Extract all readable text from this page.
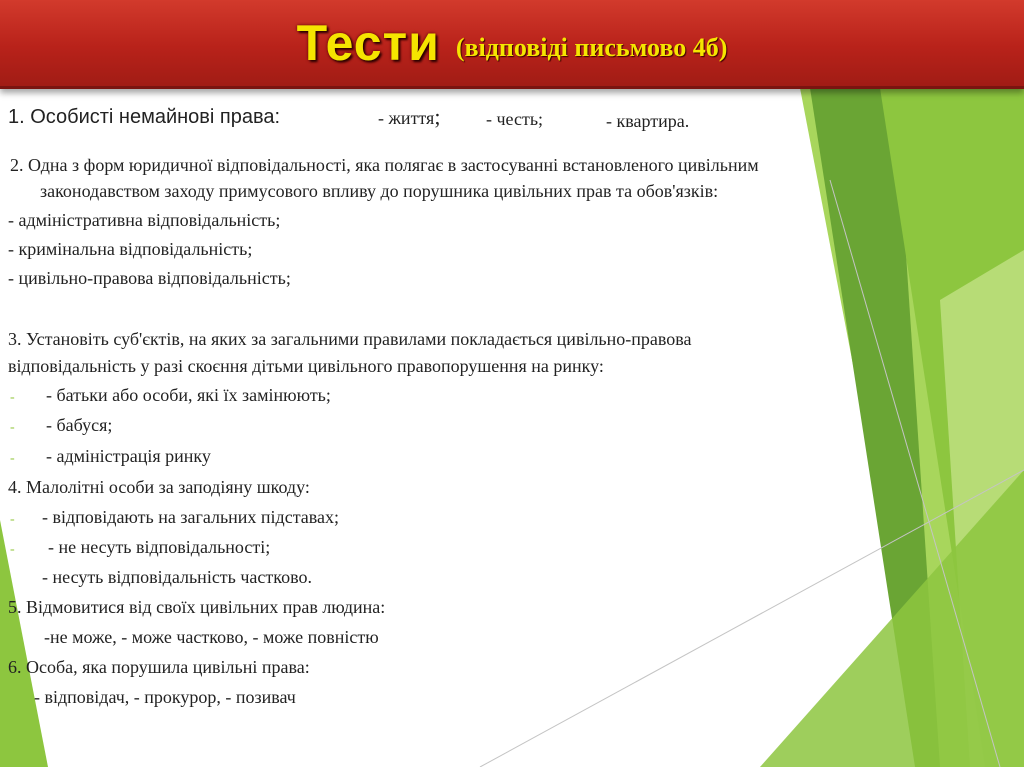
Тести (відповіді письмово 4б)
1. Особисті немайнові права:	- життя;	- честь;	- квартира.
2. Одна з форм юридичної відповідальності, яка полягає в застосуванні встановленого цивільним
законодавством заходу примусового впливу до порушника цивільних прав та обов'язків:
- адміністративна відповідальність;
- кримінальна відповідальність;
- цивільно-правова відповідальність;
3. Установіть суб'єктів, на яких за загальними правилами покладається цивільно-правова
відповідальність у разі скоєння дітьми цивільного правопорушення на ринку:
- - батьки або особи, які їх замінюють;
- - бабуся;
- - адміністрація ринку
4. Малолітні особи за заподіяну шкоду:
- - відповідають на загальних підставах;
- - не несуть відповідальності;
- несуть відповідальність частково.
5. Відмовитися від своїх цивільних прав людина:
-не може, - може частково, - може повністю
6. Особа, яка порушила цивільні права:
- відповідач, - прокурор, - позивач
